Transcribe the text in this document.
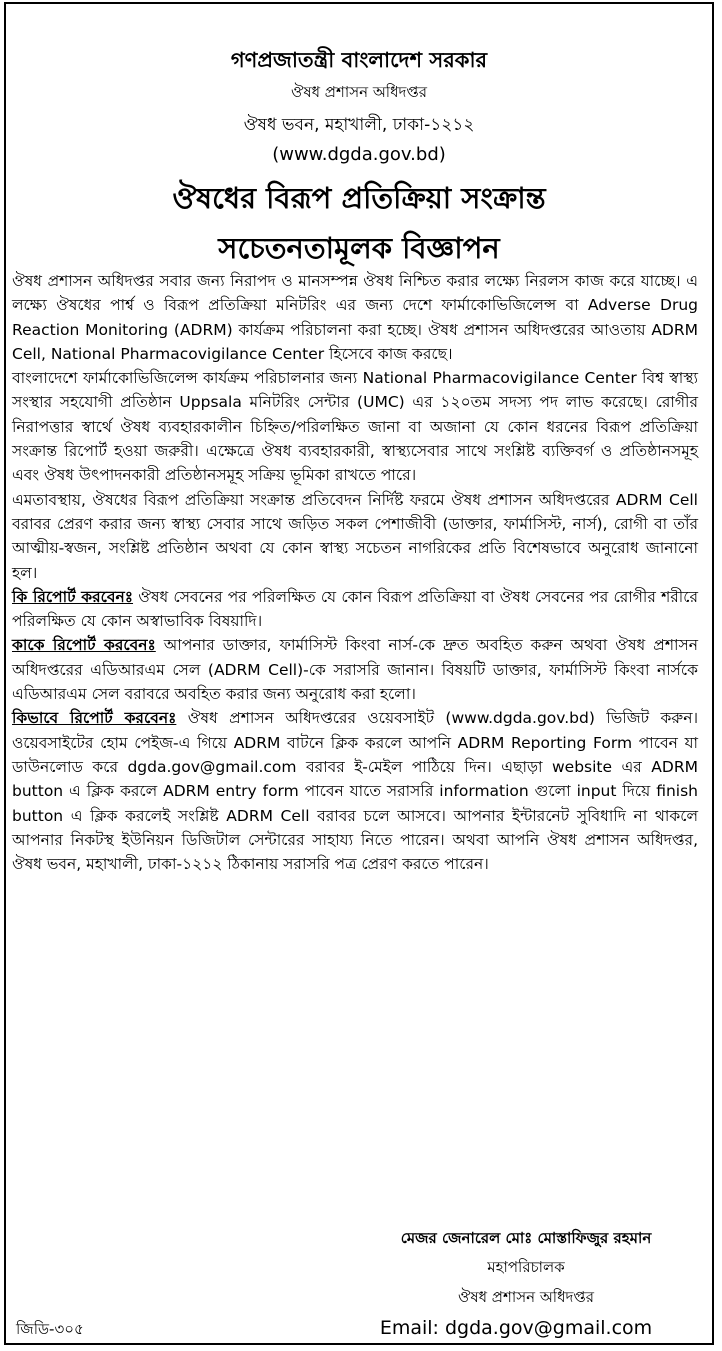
গণপ্রজাতন্ত্রী বাংলাদেশ সরকার
ঔষধ প্রশাসন অধিদপ্তর
ঔষধ ভবন, মহাখালী, ঢাকা-১২১২
(www.dgda.gov.bd)
ঔষধের বিরূপ প্রতিক্রিয়া সংক্রান্ত
সচেতনতামূলক বিজ্ঞাপন

ঔষধ প্রশাসন অধিদপ্তর সবার জন্য নিরাপদ ও মানসম্পন্ন ঔষধ নিশ্চিত করার লক্ষ্যে নিরলস কাজ করে যাচ্ছে। এ লক্ষ্যে ঔষধের পার্শ্ব ও বিরূপ প্রতিক্রিয়া মনিটরিং এর জন্য দেশে ফার্মাকোভিজিলেন্স বা Adverse Drug Reaction Monitoring (ADRM) কার্যক্রম পরিচালনা করা হচ্ছে। ঔষধ প্রশাসন অধিদপ্তরের আওতায় ADRM Cell, National Pharmacovigilance Center হিসেবে কাজ করছে।

বাংলাদেশে ফার্মাকোভিজিলেন্স কার্যক্রম পরিচালনার জন্য National Pharmacovigilance Center বিশ্ব স্বাস্থ্য সংস্থার সহযোগী প্রতিষ্ঠান Uppsala মনিটরিং সেন্টার (UMC) এর ১২০তম সদস্য পদ লাভ করেছে। রোগীর নিরাপত্তার স্বার্থে ঔষধ ব্যবহারকালীন চিহ্নিত/পরিলক্ষিত জানা বা অজানা যে কোন ধরনের বিরূপ প্রতিক্রিয়া সংক্রান্ত রিপোর্ট হওয়া জরুরী। এক্ষেত্রে ঔষধ ব্যবহারকারী, স্বাস্থ্যসেবার সাথে সংশ্লিষ্ট ব্যক্তিবর্গ ও প্রতিষ্ঠানসমূহ এবং ঔষধ উৎপাদনকারী প্রতিষ্ঠানসমূহ সক্রিয় ভূমিকা রাখতে পারে।

এমতাবস্থায়, ঔষধের বিরূপ প্রতিক্রিয়া সংক্রান্ত প্রতিবেদন নির্দিষ্ট ফরমে ঔষধ প্রশাসন অধিদপ্তরের ADRM Cell বরাবর প্রেরণ করার জন্য স্বাস্থ্য সেবার সাথে জড়িত সকল পেশাজীবী (ডাক্তার, ফার্মাসিস্ট, নার্স), রোগী বা তাঁর আত্মীয়-স্বজন, সংশ্লিষ্ট প্রতিষ্ঠান অথবা যে কোন স্বাস্থ্য সচেতন নাগরিকের প্রতি বিশেষভাবে অনুরোধ জানানো হল।

কি রিপোর্ট করবেনঃ ঔষধ সেবনের পর পরিলক্ষিত যে কোন বিরূপ প্রতিক্রিয়া বা ঔষধ সেবনের পর রোগীর শরীরে পরিলক্ষিত যে কোন অস্বাভাবিক বিষয়াদি।

কাকে রিপোর্ট করবেনঃ আপনার ডাক্তার, ফার্মাসিস্ট কিংবা নার্স-কে দ্রুত অবহিত করুন অথবা ঔষধ প্রশাসন অধিদপ্তরের এডিআরএম সেল (ADRM Cell)-কে সরাসরি জানান। বিষয়টি ডাক্তার, ফার্মাসিস্ট কিংবা নার্সকে এডিআরএম সেল বরাবরে অবহিত করার জন্য অনুরোধ করা হলো।

কিভাবে রিপোর্ট করবেনঃ ঔষধ প্রশাসন অধিদপ্তরের ওয়েবসাইট (www.dgda.gov.bd) ভিজিট করুন। ওয়েবসাইটের হোম পেইজ-এ গিয়ে ADRM বাটনে ক্লিক করলে আপনি ADRM Reporting Form পাবেন যা ডাউনলোড করে dgda.gov@gmail.com বরাবর ই-মেইল পাঠিয়ে দিন। এছাড়া website এর ADRM button এ ক্লিক করলে ADRM entry form পাবেন যাতে সরাসরি information গুলো input দিয়ে finish button এ ক্লিক করলেই সংশ্লিষ্ট ADRM Cell বরাবর চলে আসবে। আপনার ইন্টারনেট সুবিধাদি না থাকলে আপনার নিকটস্থ ইউনিয়ন ডিজিটাল সেন্টারের সাহায্য নিতে পারেন। অথবা আপনি ঔষধ প্রশাসন অধিদপ্তর, ঔষধ ভবন, মহাখালী, ঢাকা-১২১২ ঠিকানায় সরাসরি পত্র প্রেরণ করতে পারেন।

মেজর জেনারেল মোঃ মোস্তাফিজুর রহমান
মহাপরিচালক
ঔষধ প্রশাসন অধিদপ্তর
Email: dgda.gov@gmail.com
জিডি-৩০৫
